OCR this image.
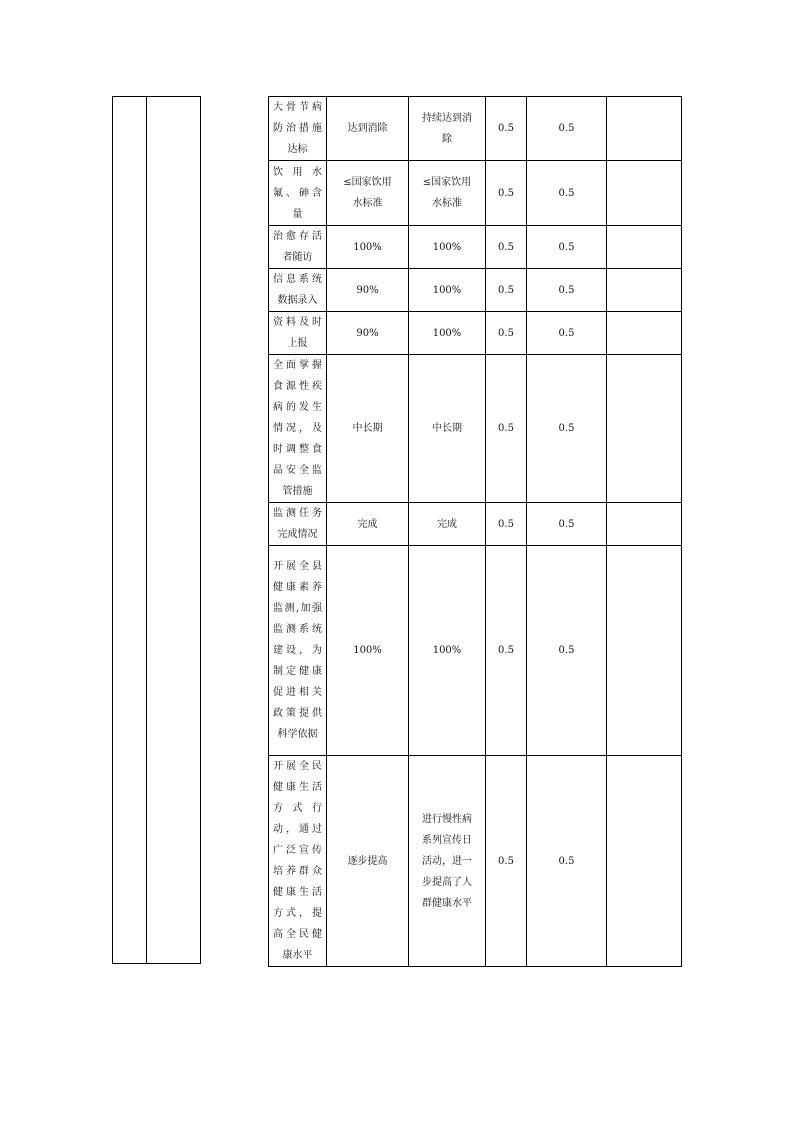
大骨节病防治措施达标	达到消除	持续达到消除	0.5	0.5	
饮用水氟、砷含量	≤国家饮用水标准	≤国家饮用水标准	0.5	0.5	
治愈存活者随访	100%	100%	0.5	0.5	
信息系统数据录入	90%	100%	0.5	0.5	
资料及时上报	90%	100%	0.5	0.5	
全面掌握食源性疾病的发生情况，及时调整食品安全监管措施	中长期	中长期	0.5	0.5	
监测任务完成情况	完成	完成	0.5	0.5	
开展全县健康素养监测,加强监测系统建设，为制定健康促进相关政策提供科学依据	100%	100%	0.5	0.5	
开展全民健康生活方式行动，通过广泛宣传培养群众健康生活方式，提高全民健康水平	逐步提高	进行慢性病系列宣传日活动，进一步提高了人群健康水平	0.5	0.5	
